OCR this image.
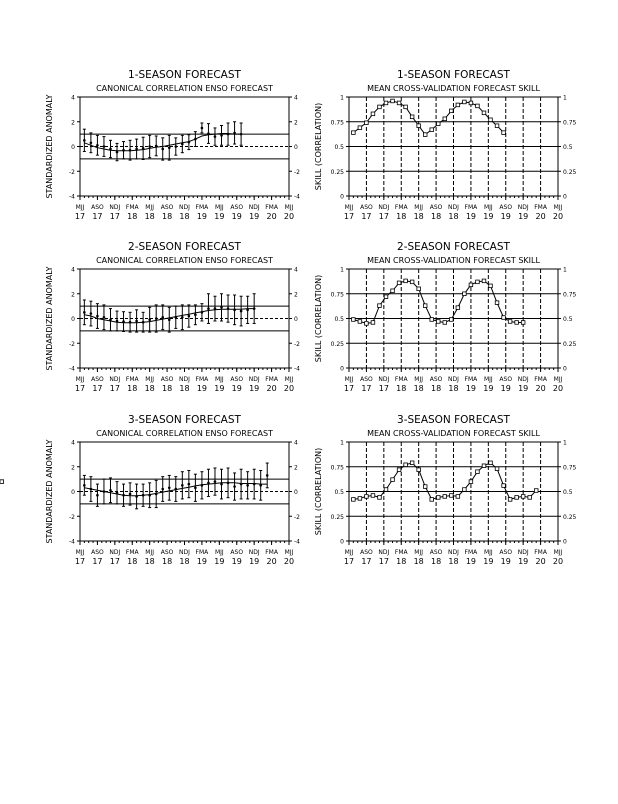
1-SEASON FORECAST
CANONICAL CORRELATION ENSO FORECAST
4	4
2	2
0	0
-2	-2
-4	-4
STANDARDIZED ANOMALY
MJJ
17
ASO
17
NDJ
17
FMA
18
MJJ
18
ASO
18
NDJ
18
FMA
19
MJJ
19
ASO
19
NDJ
19
FMA
20
MJJ
20
1-SEASON FORECAST
MEAN CROSS-VALIDATION FORECAST SKILL
1	1
0.75	0.75
0.5	0.5
0.25	0.25
0	0
SKILL (CORRELATION)
MJJ
17
ASO
17
NDJ
17
FMA
18
MJJ
18
ASO
18
NDJ
18
FMA
19
MJJ
19
ASO
19
NDJ
19
FMA
20
MJJ
20
2-SEASON FORECAST
CANONICAL CORRELATION ENSO FORECAST
4	4
2	2
0	0
-2	-2
-4	-4
STANDARDIZED ANOMALY
MJJ
17
ASO
17
NDJ
17
FMA
18
MJJ
18
ASO
18
NDJ
18
FMA
19
MJJ
19
ASO
19
NDJ
19
FMA
20
MJJ
20
2-SEASON FORECAST
MEAN CROSS-VALIDATION FORECAST SKILL
1	1
0.75	0.75
0.5	0.5
0.25	0.25
0	0
SKILL (CORRELATION)
MJJ
17
ASO
17
NDJ
17
FMA
18
MJJ
18
ASO
18
NDJ
18
FMA
19
MJJ
19
ASO
19
NDJ
19
FMA
20
MJJ
20
3-SEASON FORECAST
CANONICAL CORRELATION ENSO FORECAST
4	4
2	2
0	0
-2	-2
-4	-4
STANDARDIZED ANOMALY
MJJ
17
ASO
17
NDJ
17
FMA
18
MJJ
18
ASO
18
NDJ
18
FMA
19
MJJ
19
ASO
19
NDJ
19
FMA
20
MJJ
20
3-SEASON FORECAST
MEAN CROSS-VALIDATION FORECAST SKILL
1	1
0.75	0.75
0.5	0.5
0.25	0.25
0	0
SKILL (CORRELATION)
MJJ
17
ASO
17
NDJ
17
FMA
18
MJJ
18
ASO
18
NDJ
18
FMA
19
MJJ
19
ASO
19
NDJ
19
FMA
20
MJJ
20
